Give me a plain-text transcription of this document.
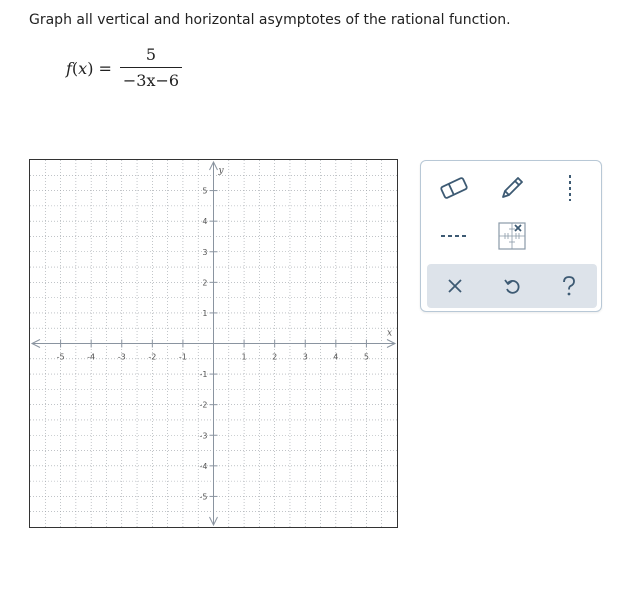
Graph all vertical and horizontal asymptotes of the rational function.
f(x) =
5
−3x−6
x
y
-5	-4	-3	-2	-1	1	2	3	4	5
5
4
3
2
1
-1
-2
-3
-4
-5
